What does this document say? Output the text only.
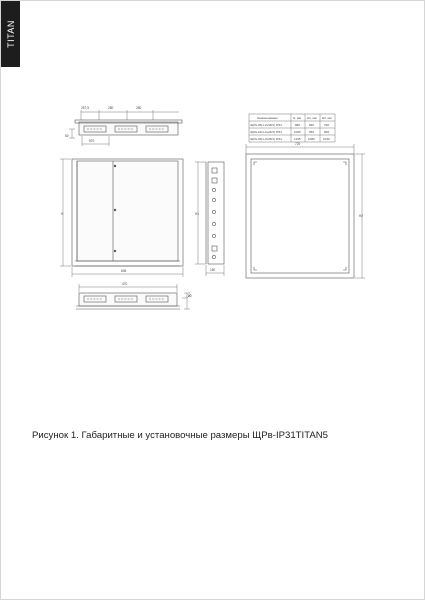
TITAN
257,5	280	280
570
60
605
H	H1
150
470
80
720
H2
Наименование	Н, мм Н1, мм Н2, мм
ЩРв-36(1-2х36/3) IP31	880	830	790
ЩРв-24(1-2х24/3) IP31	1005	955	905
ЩРв-36(1-3х36/4) IP31	1135	1080	1030
Рисунок 1. Габаритные и установочные размеры ЩРв-IP31TITAN5
